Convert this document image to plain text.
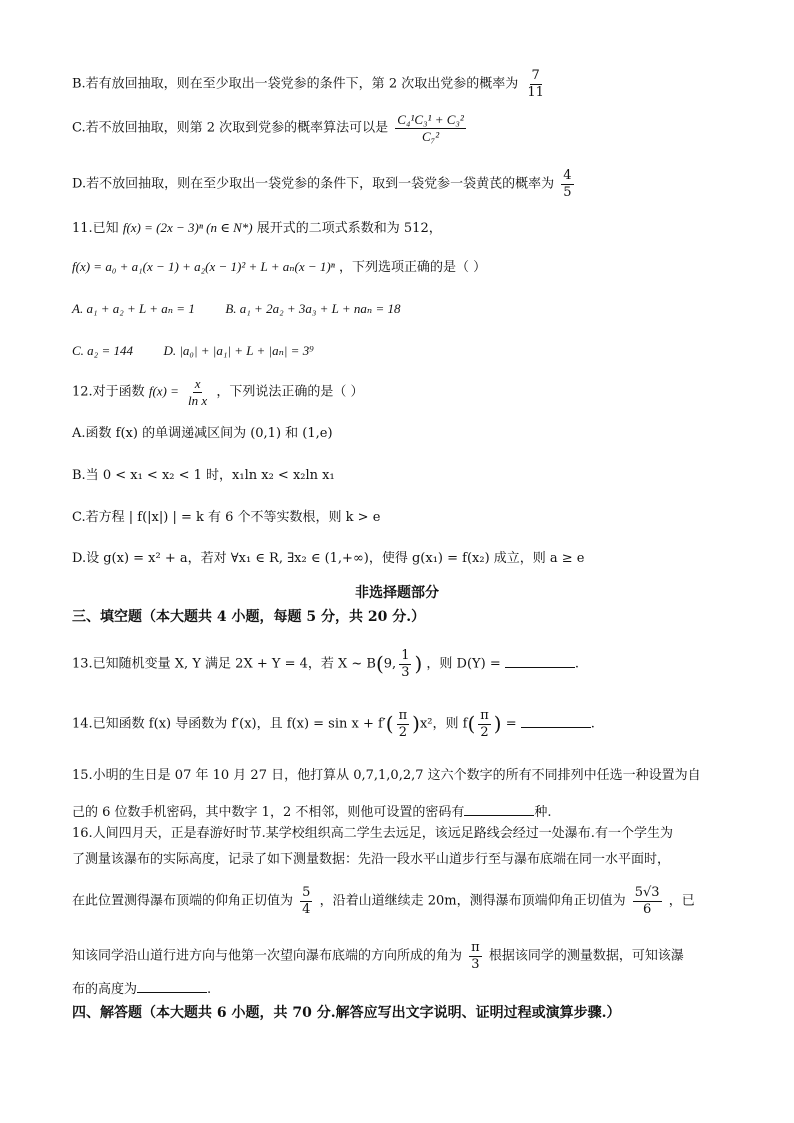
B.若有放回抽取，则在至少取出一袋党参的条件下，第 2 次取出党参的概率为 $\frac{7}{11}$
C.若不放回抽取，则第 2 次取到党参的概率算法可以是 $\frac{\text{C₄¹C₃¹ + C₃²}}{\text{C₇²}}$
D.若不放回抽取，则在至少取出一袋党参的条件下，取到一袋党参一袋黄芪的概率为 $\frac{4}{5}$
11.已知 f(x) = (2x − 3)ⁿ (n ∈ N*) 展开式的二项式系数和为 512，
f(x) = a₀ + a₁(x − 1) + a₂(x − 1)² + L + aₙ(x − 1)ⁿ ，下列选项正确的是（ ）
A. a₁ + a₂ + L + aₙ = 1 B. a₁ + 2a₂ + 3a₃ + L + naₙ = 18
C. a₂ = 144 D. |a₀| + |a₁| + L + |aₙ| = 3⁹
12.对于函数 $f(x) = \frac{x}{\text{ln x}}$ ，下列说法正确的是（ ）
A.函数 f(x) 的单调递减区间为 (0,1) 和 (1,e)
B.当 0 < x₁ < x₂ < 1 时，x₁ln x₂ < x₂ln x₁
C.若方程 | f(|x|) | = k 有 6 个不等实数根，则 k > e
D.设 g(x) = x² + a，若对 ∀x₁ ∈ R, ∃x₂ ∈ (1,+∞)，使得 g(x₁) = f(x₂) 成立，则 a ≥ e
非选择题部分
三、填空题（本大题共 4 小题，每题 5 分，共 20 分.）
13.已知随机变量 X, Y 满足 2X + Y = 4，若 X ~ B(9, $\frac{1}{3}$ ) ，则 D(Y) =	.
14.已知函数 f(x) 导函数为 f′(x)，且 $f(x) = \sin x + f'( \frac{\pi}{2} )x^2$，则 $f( \frac{\pi}{2}$ ) =	.
15.小明的生日是 07 年 10 月 27 日，他打算从 0,7,1,0,2,7 这六个数字的所有不同排列中任选一种设置为自
己的 6 位数手机密码，其中数字 1，2 不相邻，则他可设置的密码有	种.
16.人间四月天，正是春游好时节.某学校组织高二学生去远足，该远足路线会经过一处瀑布.有一个学生为
了测量该瀑布的实际高度，记录了如下测量数据：先沿一段水平山道步行至与瀑布底端在同一水平面时，
在此位置测得瀑布顶端的仰角正切值为 $\frac{5}{4}$ ，沿着山道继续走 20m，测得瀑布顶端仰角正切值为 $\frac{5√3}{6}$ ，已
知该同学沿山道行进方向与他第一次望向瀑布底端的方向所成的角为 $\frac{\pi}{3}$ 根据该同学的测量数据，可知该瀑
布的高度为	.
四、解答题（本大题共 6 小题，共 70 分.解答应写出文字说明、证明过程或演算步骤.）
